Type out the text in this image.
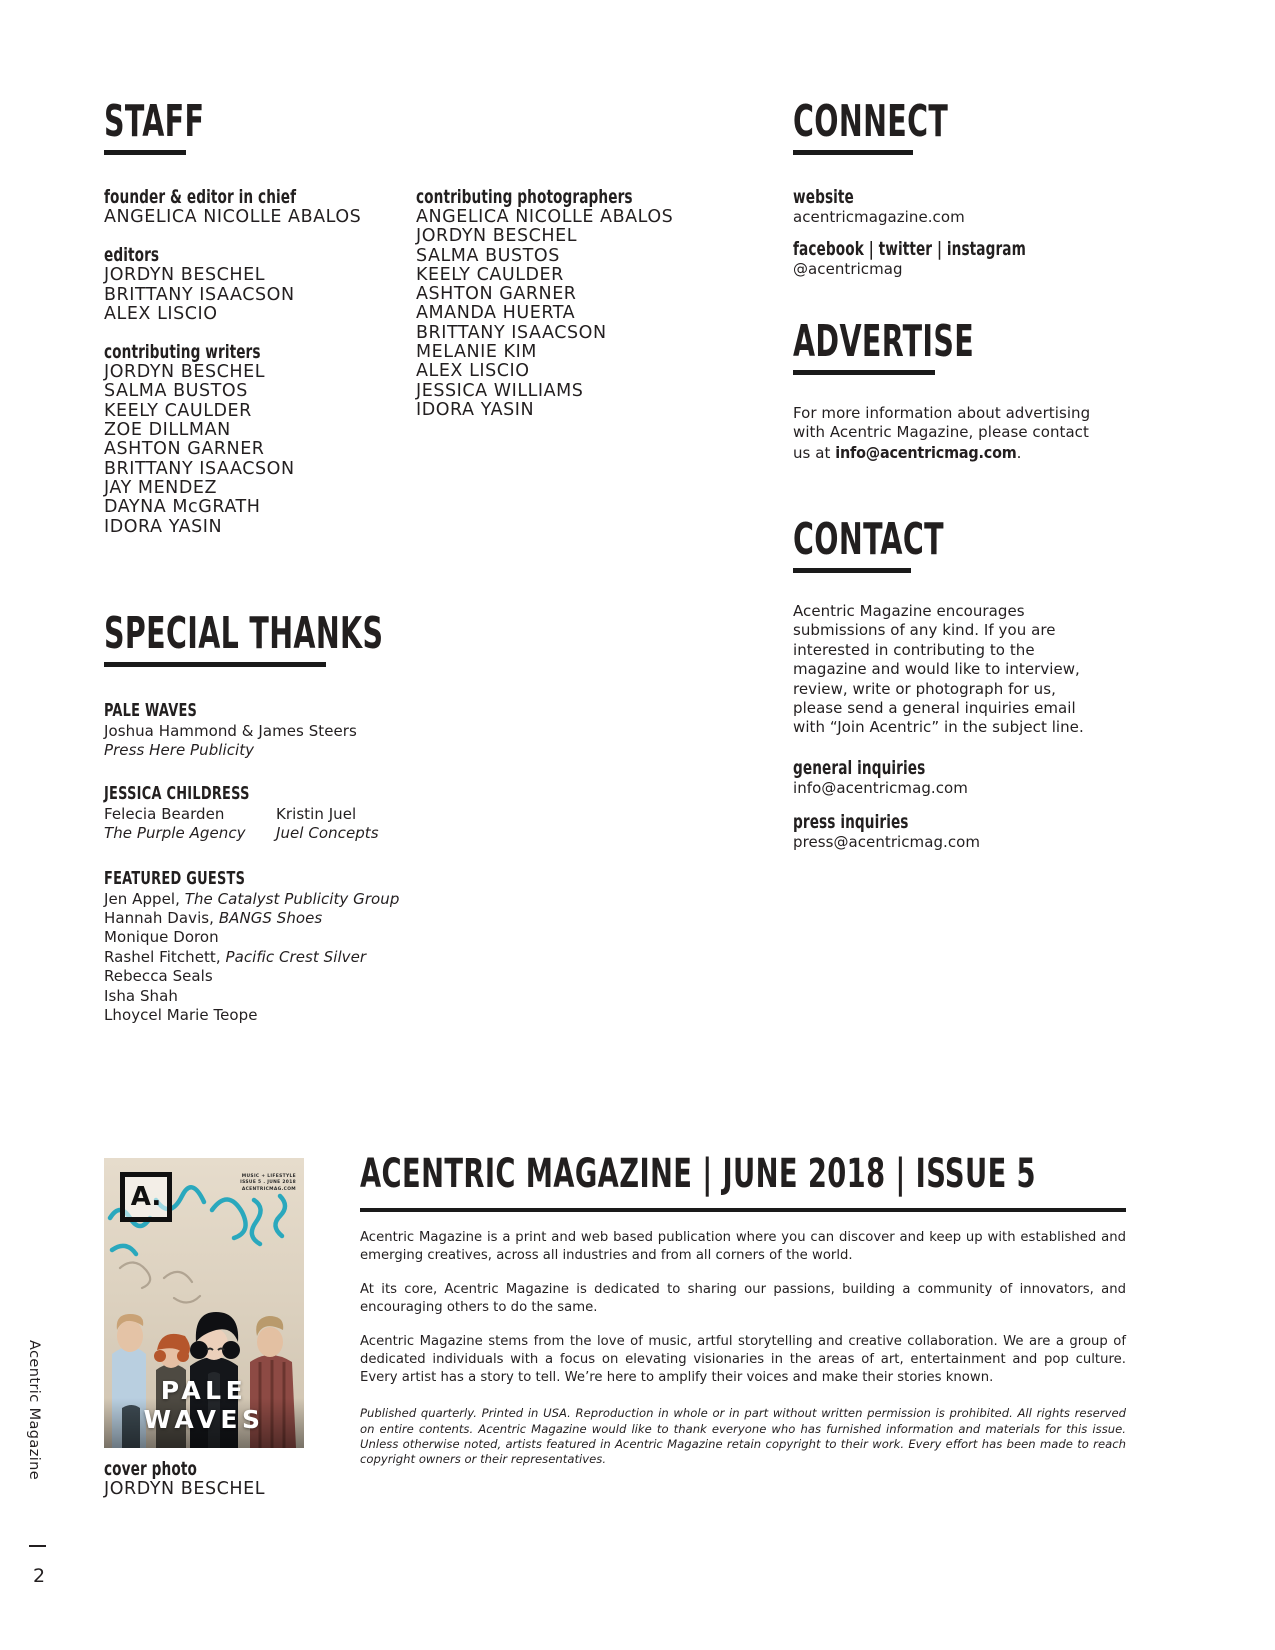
STAFF
founder & editor in chief
ANGELICA NICOLLE ABALOS
editors
JORDYN BESCHEL
BRITTANY ISAACSON
ALEX LISCIO
contributing writers
JORDYN BESCHEL
SALMA BUSTOS
KEELY CAULDER
ZOE DILLMAN
ASHTON GARNER
BRITTANY ISAACSON
JAY MENDEZ
DAYNA McGRATH
IDORA YASIN
contributing photographers
ANGELICA NICOLLE ABALOS
JORDYN BESCHEL
SALMA BUSTOS
KEELY CAULDER
ASHTON GARNER
AMANDA HUERTA
BRITTANY ISAACSON
MELANIE KIM
ALEX LISCIO
JESSICA WILLIAMS
IDORA YASIN
SPECIAL THANKS
PALE WAVES
Joshua Hammond & James Steers
Press Here Publicity
JESSICA CHILDRESS
Felecia Bearden	Kristin Juel
The Purple Agency	Juel Concepts
FEATURED GUESTS
Jen Appel, The Catalyst Publicity Group
Hannah Davis, BANGS Shoes
Monique Doron
Rashel Fitchett, Pacific Crest Silver
Rebecca Seals
Isha Shah
Lhoycel Marie Teope
CONNECT
website
acentricmagazine.com
facebook | twitter | instagram
@acentricmag
ADVERTISE
For more information about advertising with Acentric Magazine, please contact us at info@acentricmag.com.
CONTACT
Acentric Magazine encourages submissions of any kind. If you are interested in contributing to the magazine and would like to interview, review, write or photograph for us, please send a general inquiries email with “Join Acentric” in the subject line.
general inquiries
info@acentricmag.com
press inquiries
press@acentricmag.com
A.
MUSIC + LIFESTYLE
ISSUE 5 . JUNE 2018
ACENTRICMAG.COM
PALE WAVES
cover photo
JORDYN BESCHEL
ACENTRIC MAGAZINE | JUNE 2018 | ISSUE 5
Acentric Magazine is a print and web based publication where you can discover and keep up with established and emerging creatives, across all industries and from all corners of the world.
At its core, Acentric Magazine is dedicated to sharing our passions, building a community of innovators, and encouraging others to do the same.
Acentric Magazine stems from the love of music, artful storytelling and creative collaboration. We are a group of dedicated individuals with a focus on elevating visionaries in the areas of art, entertainment and pop culture. Every artist has a story to tell. We’re here to amplify their voices and make their stories known.
Published quarterly. Printed in USA. Reproduction in whole or in part without written permission is prohibited. All rights reserved on entire contents. Acentric Magazine would like to thank everyone who has furnished information and materials for this issue. Unless otherwise noted, artists featured in Acentric Magazine retain copyright to their work. Every effort has been made to reach copyright owners or their representatives.
Acentric Magazine
2
